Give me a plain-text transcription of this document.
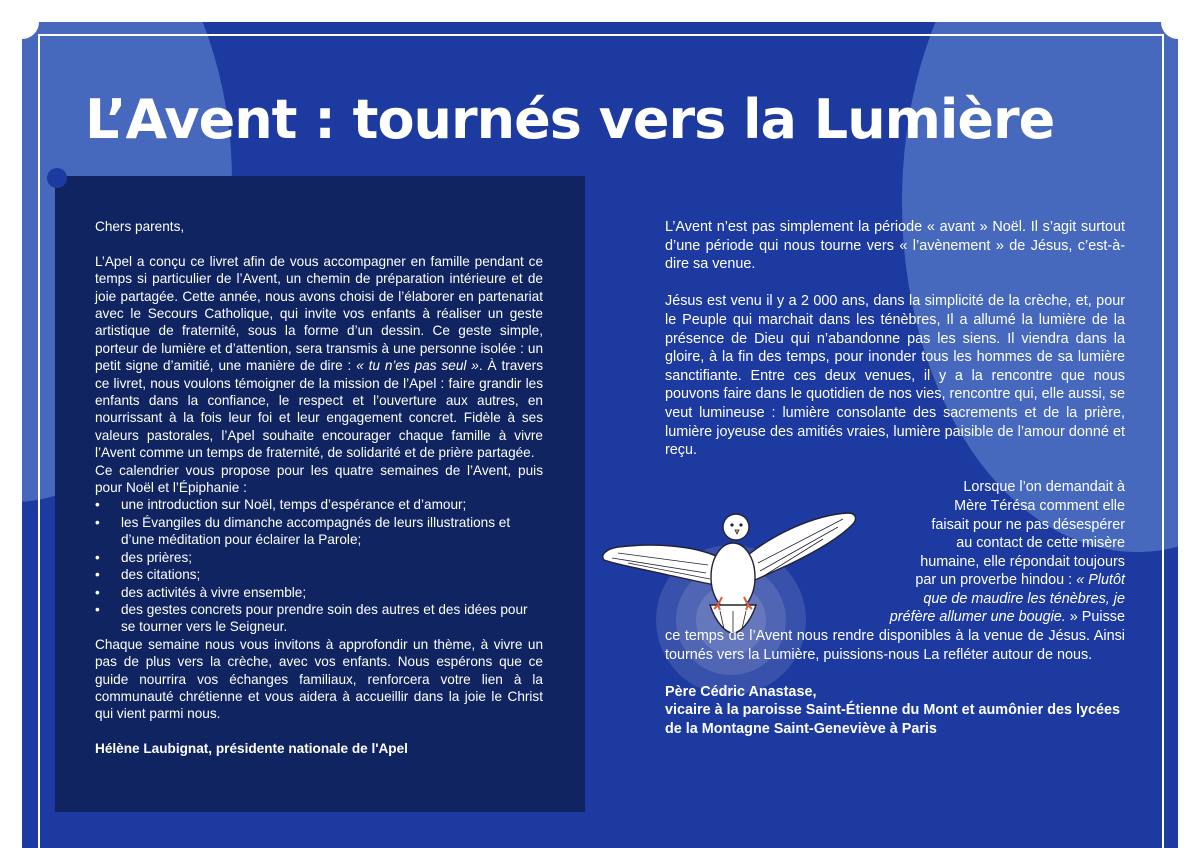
L’Avent : tournés vers la Lumière

Chers parents,

L’Apel a conçu ce livret afin de vous accompagner en famille pendant ce temps si particulier de l’Avent, un chemin de préparation intérieure et de joie partagée. Cette année, nous avons choisi de l’élaborer en partenariat avec le Secours Catholique, qui invite vos enfants à réaliser un geste artistique de fraternité, sous la forme d’un dessin. Ce geste simple, porteur de lumière et d’attention, sera transmis à une personne isolée : un petit signe d’amitié, une manière de dire : « tu n’es pas seul ». À travers ce livret, nous voulons témoigner de la mission de l’Apel : faire grandir les enfants dans la confiance, le respect et l’ouverture aux autres, en nourrissant à la fois leur foi et leur engagement concret. Fidèle à ses valeurs pastorales, l’Apel souhaite encourager chaque famille à vivre l’Avent comme un temps de fraternité, de solidarité et de prière partagée.

Ce calendrier vous propose pour les quatre semaines de l’Avent, puis pour Noël et l’Épiphanie :

• une introduction sur Noël, temps d’espérance et d’amour;
• les Évangiles du dimanche accompagnés de leurs illustrations et d’une méditation pour éclairer la Parole;
• des prières;
• des citations;
• des activités à vivre ensemble;
• des gestes concrets pour prendre soin des autres et des idées pour se tourner vers le Seigneur.

Chaque semaine nous vous invitons à approfondir un thème, à vivre un pas de plus vers la crèche, avec vos enfants. Nous espérons que ce guide nourrira vos échanges familiaux, renforcera votre lien à la communauté chrétienne et vous aidera à accueillir dans la joie le Christ qui vient parmi nous.

Hélène Laubignat, présidente nationale de l'Apel

L’Avent n’est pas simplement la période « avant » Noël. Il s’agit surtout d’une période qui nous tourne vers « l’avènement » de Jésus, c’est-à-dire sa venue.

Jésus est venu il y a 2 000 ans, dans la simplicité de la crèche, et, pour le Peuple qui marchait dans les ténèbres, Il a allumé la lumière de la présence de Dieu qui n’abandonne pas les siens. Il viendra dans la gloire, à la fin des temps, pour inonder tous les hommes de sa lumière sanctifiante. Entre ces deux venues, il y a la rencontre que nous pouvons faire dans le quotidien de nos vies, rencontre qui, elle aussi, se veut lumineuse : lumière consolante des sacrements et de la prière, lumière joyeuse des amitiés vraies, lumière paisible de l’amour donné et reçu.

Lorsque l’on demandait à
Mère Térésa comment elle
faisait pour ne pas désespérer
au contact de cette misère
humaine, elle répondait toujours
par un proverbe hindou : « Plutôt
que de maudire les ténèbres, je
préfère allumer une bougie. » Puisse

ce temps de l’Avent nous rendre disponibles à la venue de Jésus. Ainsi tournés vers la Lumière, puissions-nous La refléter autour de nous.

Père Cédric Anastase,

vicaire à la paroisse Saint-Étienne du Mont et aumônier des lycées de la Montagne Saint-Geneviève à Paris
